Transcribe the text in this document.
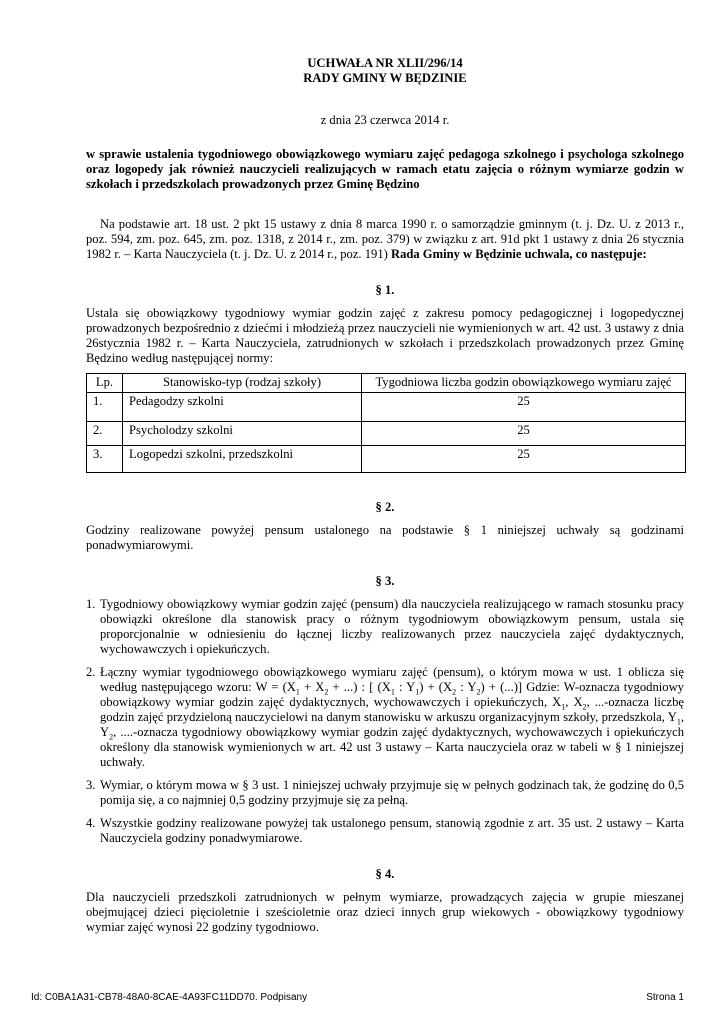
UCHWAŁA NR XLII/296/14
RADY GMINY W BĘDZINIE
z dnia 23 czerwca 2014 r.

w sprawie ustalenia tygodniowego obowiązkowego wymiaru zajęć pedagoga szkolnego i psychologa szkolnego oraz logopedy jak również nauczycieli realizujących w ramach etatu zajęcia o różnym wymiarze godzin w szkołach i przedszkolach prowadzonych przez Gminę Będzino

Na podstawie art. 18 ust. 2 pkt 15 ustawy z dnia 8 marca 1990 r. o samorządzie gminnym (t. j. Dz. U. z 2013 r., poz. 594, zm. poz. 645, zm. poz. 1318, z 2014 r., zm. poz. 379) w związku z art. 91d pkt 1 ustawy z dnia 26 stycznia 1982 r. – Karta Nauczyciela (t. j. Dz. U. z 2014 r., poz. 191) Rada Gminy w Będzinie uchwala, co następuje:

§ 1.

Ustala się obowiązkowy tygodniowy wymiar godzin zajęć z zakresu pomocy pedagogicznej i logopedycznej prowadzonych bezpośrednio z dziećmi i młodzieżą przez nauczycieli nie wymienionych w art. 42 ust. 3 ustawy z dnia 26stycznia 1982 r. – Karta Nauczyciela, zatrudnionych w szkołach i przedszkolach prowadzonych przez Gminę Będzino według następującej normy:

Lp.	Stanowisko-typ (rodzaj szkoły)	Tygodniowa liczba godzin obowiązkowego wymiaru zajęć
1.	Pedagodzy szkolni	25
2.	Psycholodzy szkolni	25
3.	Logopedzi szkolni, przedszkolni	25
§ 2.

Godziny realizowane powyżej pensum ustalonego na podstawie § 1 niniejszej uchwały są godzinami ponadwymiarowymi.

§ 3.
1. Tygodniowy obowiązkowy wymiar godzin zajęć (pensum) dla nauczyciela realizującego w ramach stosunku pracy obowiązki określone dla stanowisk pracy o różnym tygodniowym obowiązkowym pensum, ustala się proporcjonalnie w odniesieniu do łącznej liczby realizowanych przez nauczyciela zajęć dydaktycznych, wychowawczych i opiekuńczych.
2. Łączny wymiar tygodniowego obowiązkowego wymiaru zajęć (pensum), o którym mowa w ust. 1 oblicza się według następującego wzoru: $W = (X_1 + X_2$ + ...) : [ ($X_1$ : $Y_1) + (X_2$ : $Y_2$) + (...)] Gdzie: W-oznacza tygodniowy obowiązkowy wymiar godzin zajęć dydaktycznych, wychowawczych i opiekuńczych, $X_1$, $X_2$, ...-oznacza liczbę godzin zajęć przydzieloną nauczycielowi na danym stanowisku w arkuszu organizacyjnym szkoły, przedszkola, $Y_1$, $Y_2$, ....-oznacza tygodniowy obowiązkowy wymiar godzin zajęć dydaktycznych, wychowawczych i opiekuńczych określony dla stanowisk wymienionych w art. 42 ust 3 ustawy – Karta nauczyciela oraz w tabeli w § 1 niniejszej uchwały.
3. Wymiar, o którym mowa w § 3 ust. 1 niniejszej uchwały przyjmuje się w pełnych godzinach tak, że godzinę do 0,5 pomija się, a co najmniej 0,5 godziny przyjmuje się za pełną.
4. Wszystkie godziny realizowane powyżej tak ustalonego pensum, stanowią zgodnie z art. 35 ust. 2 ustawy – Karta Nauczyciela godziny ponadwymiarowe.
§ 4.

Dla nauczycieli przedszkoli zatrudnionych w pełnym wymiarze, prowadzących zajęcia w grupie mieszanej obejmującej dzieci pięcioletnie i sześcioletnie oraz dzieci innych grup wiekowych - obowiązkowy tygodniowy wymiar zajęć wynosi 22 godziny tygodniowo.

Id: C0BA1A31-CB78-48A0-8CAE-4A93FC11DD70. Podpisany	Strona 1
